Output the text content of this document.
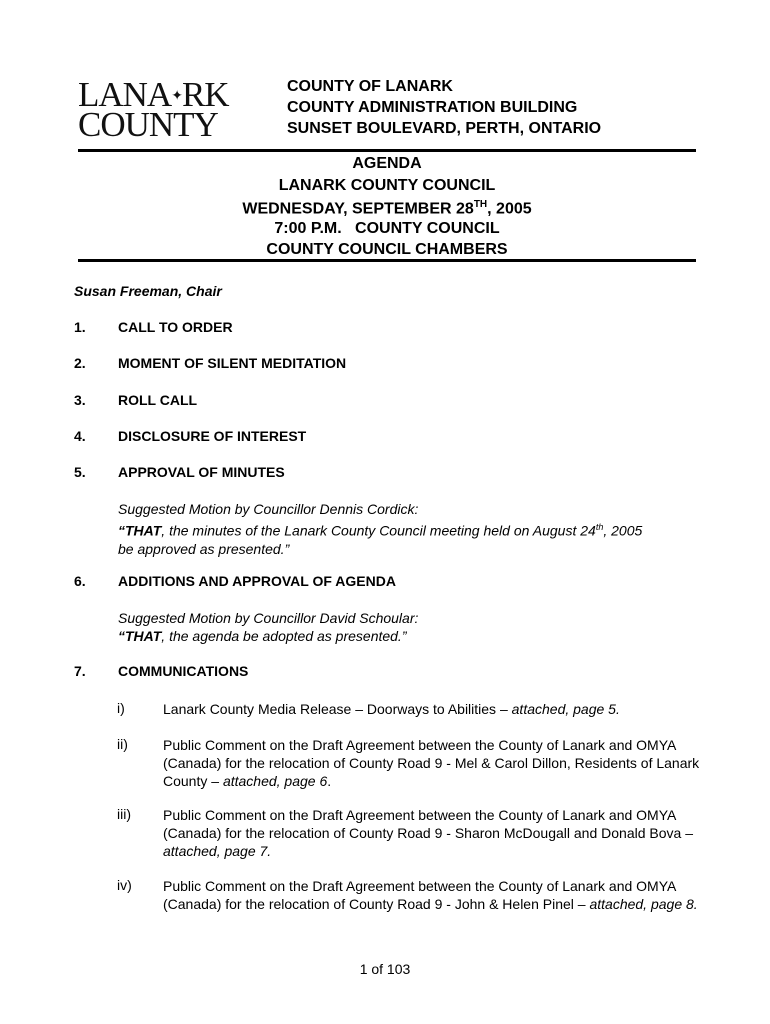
LANA✦RK
COUNTY
COUNTY OF LANARK
COUNTY ADMINISTRATION BUILDING
SUNSET BOULEVARD, PERTH, ONTARIO
AGENDA
LANARK COUNTY COUNCIL
WEDNESDAY, SEPTEMBER 28TH, 2005
7:00 P.M.   COUNTY COUNCIL
COUNTY COUNCIL CHAMBERS
Susan Freeman, Chair
1. CALL TO ORDER
2. MOMENT OF SILENT MEDITATION
3. ROLL CALL
4. DISCLOSURE OF INTEREST
5. APPROVAL OF MINUTES
Suggested Motion by Councillor Dennis Cordick:
“THAT, the minutes of the Lanark County Council meeting held on August 24th, 2005
be approved as presented.”
6. ADDITIONS AND APPROVAL OF AGENDA
Suggested Motion by Councillor David Schoular:
“THAT, the agenda be adopted as presented.”
7. COMMUNICATIONS
i)	Lanark County Media Release – Doorways to Abilities – attached, page 5.
ii)	Public Comment on the Draft Agreement between the County of Lanark and OMYA (Canada) for the relocation of County Road 9 - Mel & Carol Dillon, Residents of Lanark County – attached, page 6.
iii) Public Comment on the Draft Agreement between the County of Lanark and OMYA (Canada) for the relocation of County Road 9 - Sharon McDougall and Donald Bova – attached, page 7.
iv) Public Comment on the Draft Agreement between the County of Lanark and OMYA (Canada) for the relocation of County Road 9 - John & Helen Pinel – attached, page 8.
1 of 103
